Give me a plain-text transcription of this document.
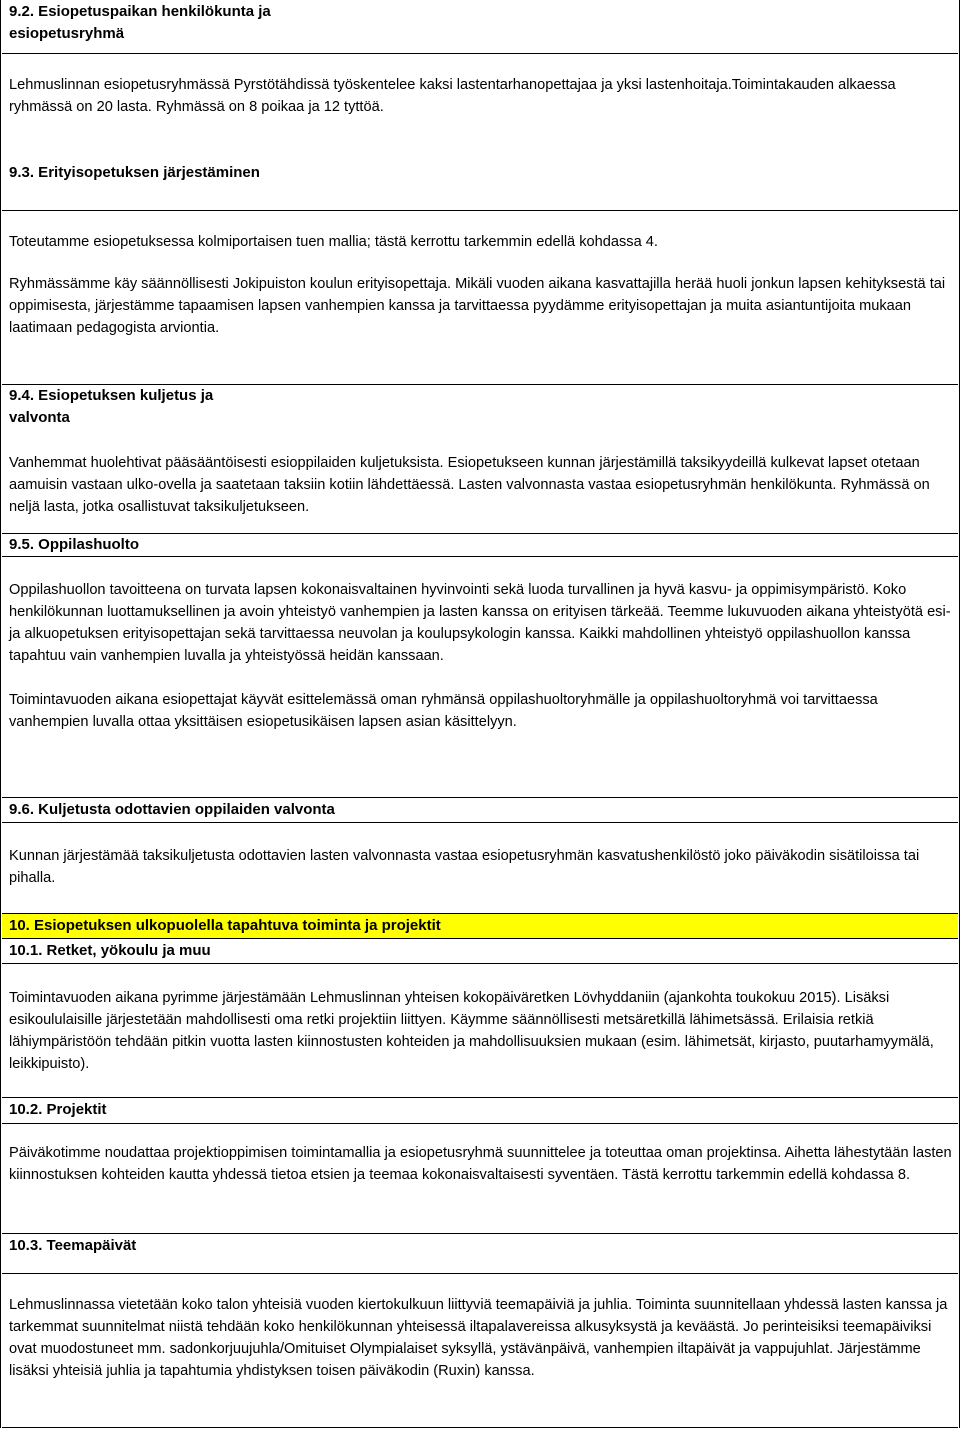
9.2. Esiopetuspaikan henkilökunta ja
esiopetusryhmä

Lehmuslinnan esiopetusryhmässä Pyrstötähdissä työskentelee kaksi lastentarhanopettajaa ja yksi lastenhoitaja.Toimintakauden alkaessa ryhmässä on 20 lasta. Ryhmässä on 8 poikaa ja 12 tyttöä.

9.3. Erityisopetuksen järjestäminen

Toteutamme esiopetuksessa kolmiportaisen tuen mallia; tästä kerrottu tarkemmin edellä kohdassa 4.

Ryhmässämme käy säännöllisesti Jokipuiston koulun erityisopettaja. Mikäli vuoden aikana kasvattajilla herää huoli jonkun lapsen kehityksestä tai oppimisesta, järjestämme tapaamisen lapsen vanhempien kanssa ja tarvittaessa pyydämme erityisopettajan ja muita asiantuntijoita mukaan laatimaan pedagogista arviontia.

9.4. Esiopetuksen kuljetus ja
valvonta

Vanhemmat huolehtivat pääsääntöisesti esioppilaiden kuljetuksista. Esiopetukseen kunnan järjestämillä taksikyydeillä kulkevat lapset otetaan aamuisin vastaan ulko-ovella ja saatetaan taksiin kotiin lähdettäessä. Lasten valvonnasta vastaa esiopetusryhmän henkilökunta. Ryhmässä on neljä lasta, jotka osallistuvat taksikuljetukseen.

9.5. Oppilashuolto

Oppilashuollon tavoitteena on turvata lapsen kokonaisvaltainen hyvinvointi sekä luoda turvallinen ja hyvä kasvu- ja oppimisympäristö. Koko henkilökunnan luottamuksellinen ja avoin yhteistyö vanhempien ja lasten kanssa on erityisen tärkeää. Teemme lukuvuoden aikana yhteistyötä esi- ja alkuopetuksen erityisopettajan sekä tarvittaessa neuvolan ja koulupsykologin kanssa. Kaikki mahdollinen yhteistyö oppilashuollon kanssa tapahtuu vain vanhempien luvalla ja yhteistyössä heidän kanssaan.

Toimintavuoden aikana esiopettajat käyvät esittelemässä oman ryhmänsä oppilashuoltoryhmälle ja oppilashuoltoryhmä voi tarvittaessa vanhempien luvalla ottaa yksittäisen esiopetusikäisen lapsen asian käsittelyyn.

9.6. Kuljetusta odottavien oppilaiden valvonta

Kunnan järjestämää taksikuljetusta odottavien lasten valvonnasta vastaa esiopetusryhmän kasvatushenkilöstö joko päiväkodin sisätiloissa tai pihalla.

10. Esiopetuksen ulkopuolella tapahtuva toiminta ja projektit
10.1. Retket, yökoulu ja muu

Toimintavuoden aikana pyrimme järjestämään Lehmuslinnan yhteisen kokopäiväretken Lövhyddaniin (ajankohta toukokuu 2015). Lisäksi esikoululaisille järjestetään mahdollisesti oma retki projektiin liittyen. Käymme säännöllisesti metsäretkillä lähimetsässä. Erilaisia retkiä lähiympäristöön tehdään pitkin vuotta lasten kiinnostusten kohteiden ja mahdollisuuksien mukaan (esim. lähimetsät, kirjasto, puutarhamyymälä, leikkipuisto).

10.2. Projektit

Päiväkotimme noudattaa projektioppimisen toimintamallia ja esiopetusryhmä suunnittelee ja toteuttaa oman projektinsa. Aihetta lähestytään lasten kiinnostuksen kohteiden kautta yhdessä tietoa etsien ja teemaa kokonaisvaltaisesti syventäen. Tästä kerrottu tarkemmin edellä kohdassa 8.

10.3. Teemapäivät

Lehmuslinnassa vietetään koko talon yhteisiä vuoden kiertokulkuun liittyviä teemapäiviä ja juhlia. Toiminta suunnitellaan yhdessä lasten kanssa ja tarkemmat suunnitelmat niistä tehdään koko henkilökunnan yhteisessä iltapalavereissa alkusyksystä ja keväästä. Jo perinteisiksi teemapäiviksi ovat muodostuneet mm. sadonkorjuujuhla/Omituiset Olympialaiset syksyllä, ystävänpäivä, vanhempien iltapäivät ja vappujuhlat. Järjestämme lisäksi yhteisiä juhlia ja tapahtumia yhdistyksen toisen päiväkodin (Ruxin) kanssa.
